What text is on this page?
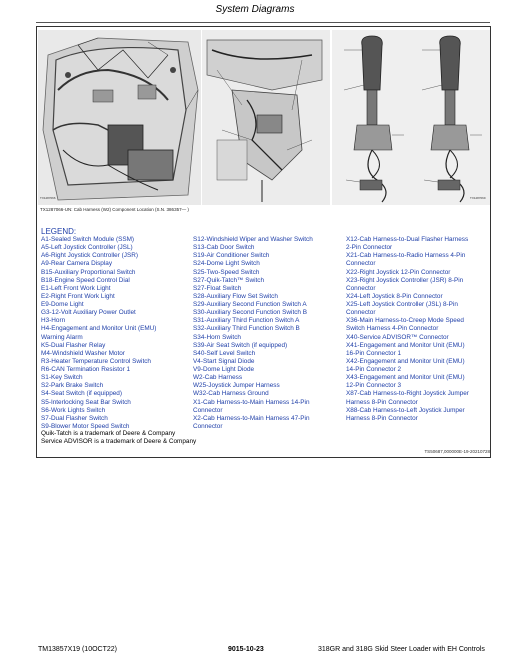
System Diagrams
TX1287066	TX1287069
TX1287066-UN: Cab Harness (W2) Component Location (S.N. 386357— )
LEGEND:
A1-Sealed Switch Module (SSM)
A5-Left Joystick Controller (JSL)
A6-Right Joystick Controller (JSR)
A9-Rear Camera Display
B15-Auxiliary Proportional Switch
B18-Engine Speed Control Dial
E1-Left Front Work Light
E2-Right Front Work Light
E9-Dome Light
G3-12-Volt Auxiliary Power Outlet
H3-Horn
H4-Engagement and Monitor Unit (EMU)
Warning Alarm
K5-Dual Flasher Relay
M4-Windshield Washer Motor
R3-Heater Temperature Control Switch
R6-CAN Termination Resistor 1
S1-Key Switch
S2-Park Brake Switch
S4-Seat Switch (if equipped)
S5-Interlocking Seat Bar Switch
S6-Work Lights Switch
S7-Dual Flasher Switch
S9-Blower Motor Speed Switch
S12-Windshield Wiper and Washer Switch
S13-Cab Door Switch
S19-Air Conditioner Switch
S24-Dome Light Switch
S25-Two-Speed Switch
S27-Quik-Tatch™ Switch
S27-Float Switch
S28-Auxiliary Flow Set Switch
S29-Auxiliary Second Function Switch A
S30-Auxiliary Second Function Switch B
S31-Auxiliary Third Function Switch A
S32-Auxiliary Third Function Switch B
S34-Horn Switch
S39-Air Seat Switch (if equipped)
S40-Self Level Switch
V4-Start Signal Diode
V9-Dome Light Diode
W2-Cab Harness
W25-Joystick Jumper Harness
W32-Cab Harness Ground
X1-Cab Harness-to-Main Harness 14-Pin
Connector
X2-Cab Harness-to-Main Harness 47-Pin
Connector
X12-Cab Harness-to-Dual Flasher Harness
2-Pin Connector
X21-Cab Harness-to-Radio Harness 4-Pin
Connector
X22-Right Joystick 12-Pin Connector
X23-Right Joystick Controller (JSR) 8-Pin
Connector
X24-Left Joystick 8-Pin Connector
X25-Left Joystick Controller (JSL) 8-Pin
Connector
X36-Main Harness-to-Creep Mode Speed
Switch Harness 4-Pin Connector
X40-Service ADVISOR™ Connector
X41-Engagement and Monitor Unit (EMU)
16-Pin Connector 1
X42-Engagement and Monitor Unit (EMU)
14-Pin Connector 2
X43-Engagement and Monitor Unit (EMU)
12-Pin Connector 3
X87-Cab Harness-to-Right Joystick Jumper
Harness 8-Pin Connector
X88-Cab Harness-to-Left Joystick Jumper
Harness 8-Pin Connector
Quik-Tatch is a trademark of Deere & Company
Service ADVISOR is a trademark of Deere & Company
TS50687,000000E-19-20210728
TM13857X19 (10OCT22)	9015-10-23	318GR and 318G Skid Steer Loader with EH Controls
